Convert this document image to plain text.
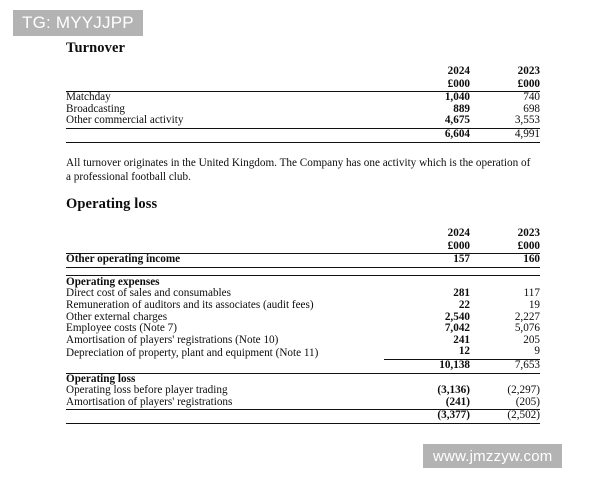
TG: MYYJJPP
Turnover
	2024	2023
	£000	£000
Matchday	1,040	740
Broadcasting	889	698
Other commercial activity	4,675	3,553
	6,604	4,991
All turnover originates in the United Kingdom. The Company has one activity which is the operation of a professional football club.
Operating loss
	2024	2023
	£000	£000
Other operating income	157	160

Operating expenses		
Direct cost of sales and consumables	281	117
Remuneration of auditors and its associates (audit fees)	22	19
Other external charges	2,540	2,227
Employee costs (Note 7)	7,042	5,076
Amortisation of players' registrations (Note 10)	241	205
Depreciation of property, plant and equipment (Note 11)	12	9
	10,138	7,653
Operating loss		
Operating loss before player trading	(3,136)	(2,297)
Amortisation of players' registrations	(241)	(205)
	(3,377)	(2,502)
www.jmzzyw.com
